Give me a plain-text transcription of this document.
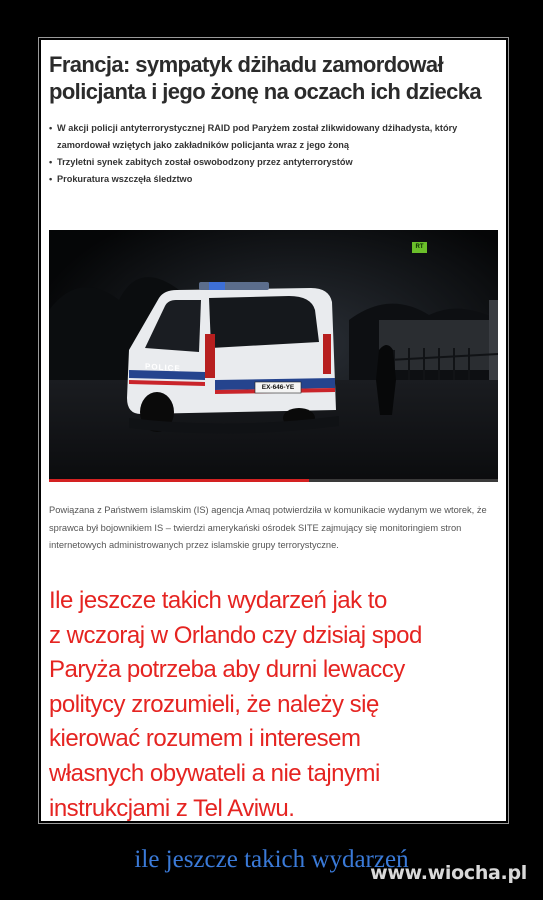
Francja: sympatyk dżihadu zamordował policjanta i jego żonę na oczach ich dziecka
• W akcji policji antyterrorystycznej RAID pod Paryżem został zlikwidowany dżihadysta, który zamordował wziętych jako zakładników policjanta wraz z jego żoną
• Trzyletni synek zabitych został oswobodzony przez antyterrorystów
• Prokuratura wszczęła śledztwo
RT
POLICE
EX-646-YE
Powiązana z Państwem islamskim (IS) agencja Amaq potwierdziła w komunikacie wydanym we wtorek, że sprawca był bojownikiem IS – twierdzi amerykański ośrodek SITE zajmujący się monitoringiem stron internetowych administrowanych przez islamskie grupy terrorystyczne.
Ile jeszcze takich wydarzeń jak to
z wczoraj w Orlando czy dzisiaj spod
Paryża potrzeba aby durni lewaccy
politycy zrozumieli, że należy się
kierować rozumem i interesem
własnych obywateli a nie tajnymi
instrukcjami z Tel Aviwu.
ile jeszcze takich wydarzeń
www.wiocha.pl
